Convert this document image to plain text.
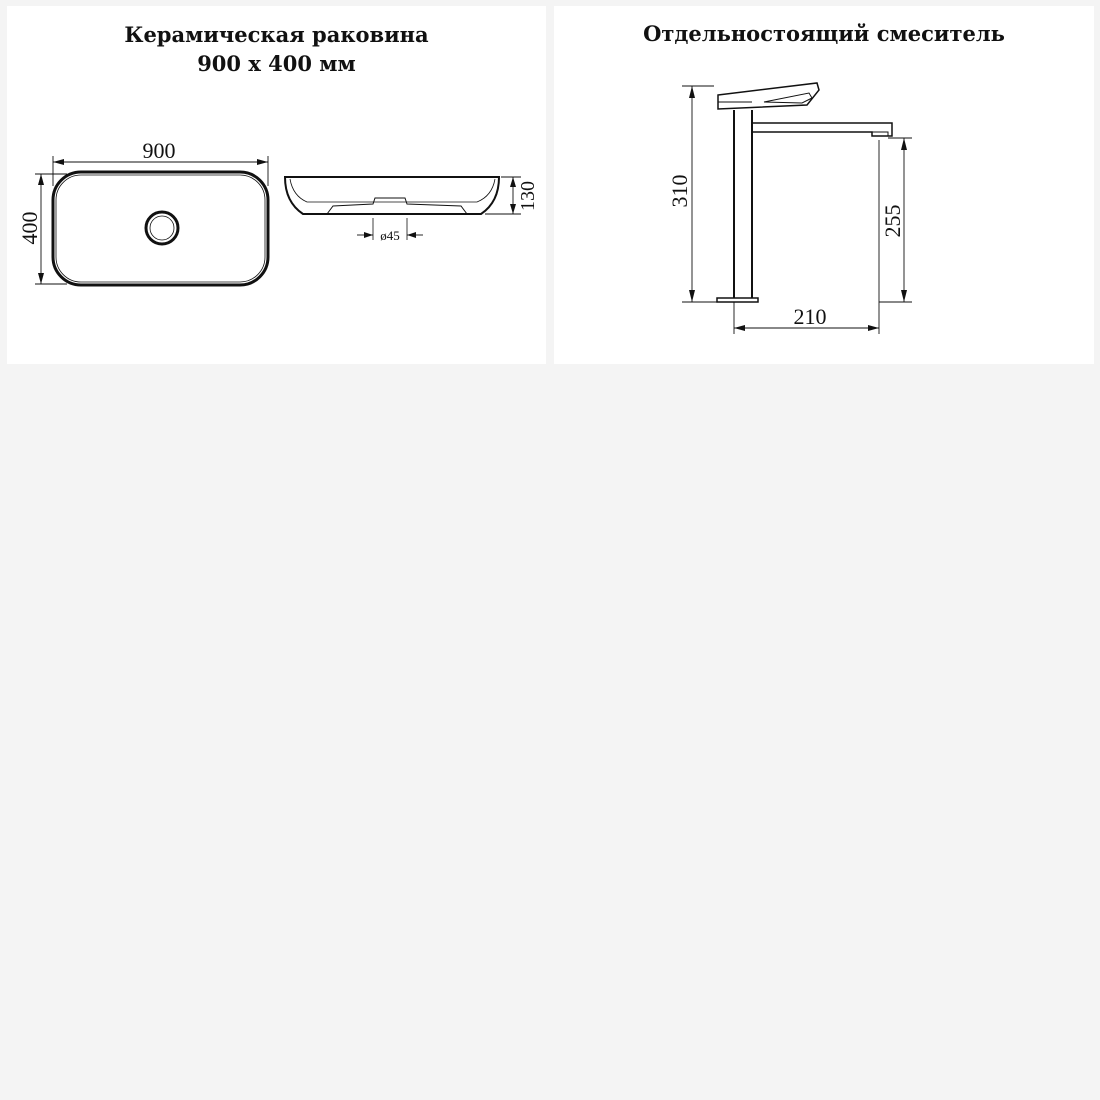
Керамическая раковина
900 х 400 мм
900
400
130
ø45
Отдельностоящий смеситель
310
255
210
